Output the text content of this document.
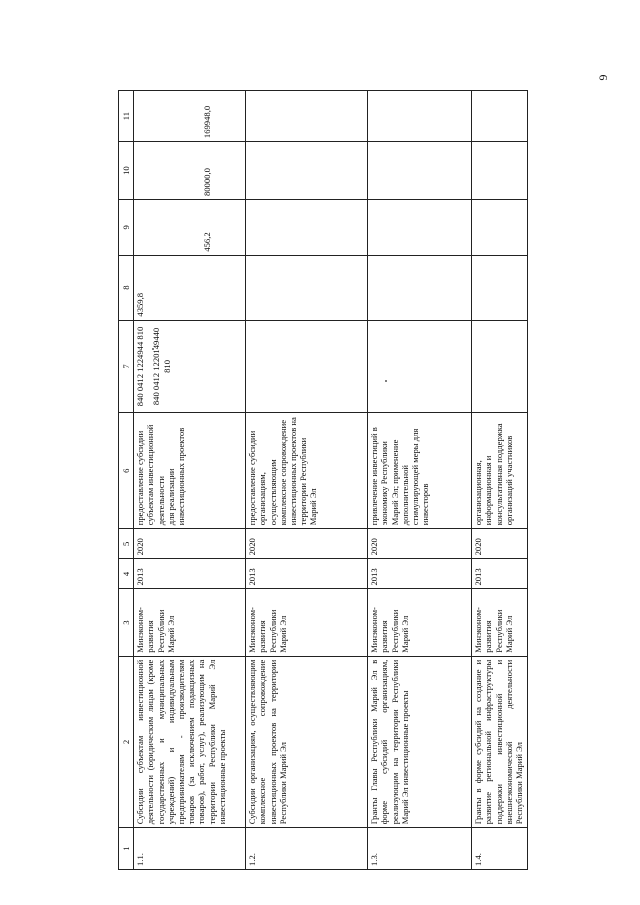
6
1	2	3	4	5	6	7	8	9	10	11
1.1.	Субсидии субъектам инвестиционной деятельности (юридическим лицам (кроме государственных и муниципальных учреждений) и индивидуальным предпринимателям - производителям товаров (за исключением подакцизных товаров), работ, услуг), реализующим на территории Республики Марий Эл инвестиционные проекты	Минэконом-развития Республики Марий Эл	2013	2020	предоставление субсидии субъектам инвестиционной деятельности для реализации инвестиционных проектов	840 0412 1224944 810 840 0412 1220149440 810	4359,8	456,2	80000,0	169948,0
1.2.	Субсидии организациям, осуществляющим комплексное сопровождение инвестиционных проектов на территории Республики Марий Эл	Минэконом-развития Республики Марий Эл	2013	2020	предоставление субсидии организациям, осуществляющим комплексное сопровождение инвестиционных проектов на территории Республики Марий Эл					
1.3.	Гранты Главы Республики Марий Эл в форме субсидий организациям, реализующим на территории Республики Марий Эл инвестиционные проекты	Минэконом-развития Республики Марий Эл	2013	2020	привлечение инвестиций в экономику Республики Марий Эл; применение дополнительной стимулирующей меры для инвесторов					
1.4.	Гранты в форме субсидий на создание и развитие региональной инфраструктуры поддержки инвестиционной и внешнеэкономической деятельности Республики Марий Эл	Минэконом-развития Республики Марий Эл	2013	2020	организационная, информационная и консультативная поддержка организаций участников					
